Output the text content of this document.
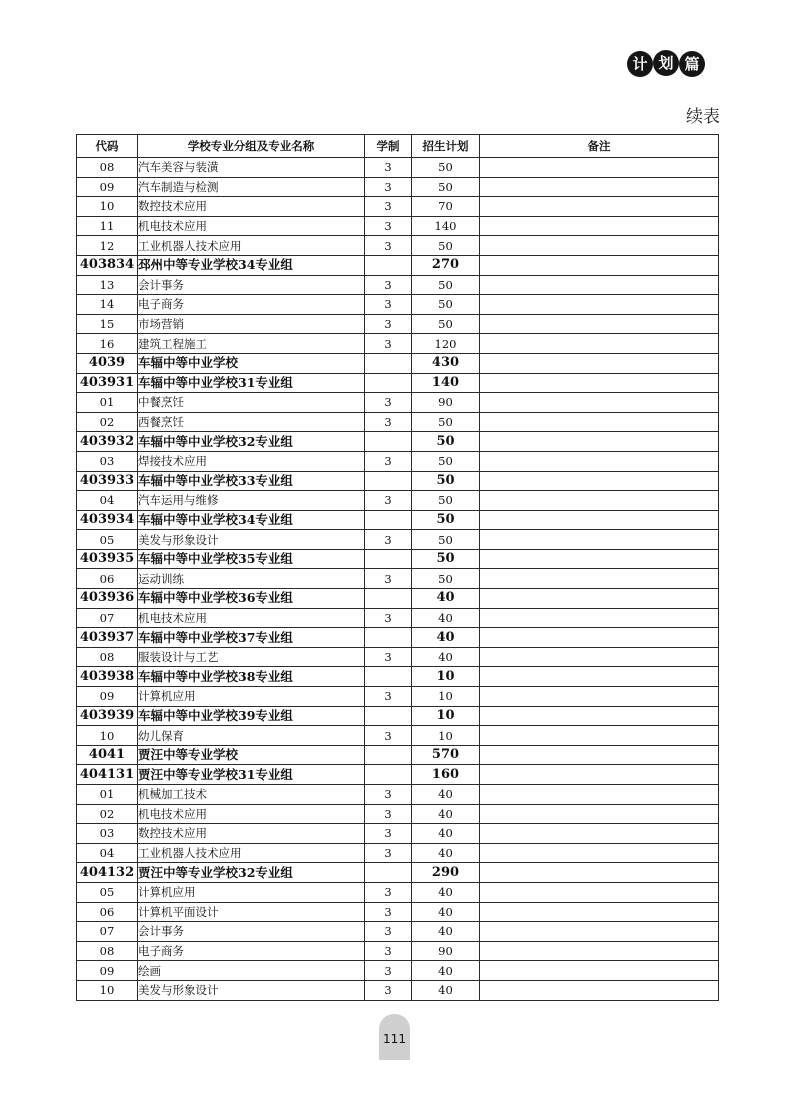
计 划 篇
续表
代码	学校专业分组及专业名称	学制	招生计划	备注
08	汽车美容与装潢	3	50	
09	汽车制造与检测	3	50	
10	数控技术应用	3	70	
11	机电技术应用	3	140	
12	工业机器人技术应用	3	50	
403834	邳州中等专业学校34专业组		270	
13	会计事务	3	50	
14	电子商务	3	50	
15	市场营销	3	50	
16	建筑工程施工	3	120	
4039	车辐中等中业学校		430	
403931	车辐中等中业学校31专业组		140	
01	中餐烹饪	3	90	
02	西餐烹饪	3	50	
403932	车辐中等中业学校32专业组		50	
03	焊接技术应用	3	50	
403933	车辐中等中业学校33专业组		50	
04	汽车运用与维修	3	50	
403934	车辐中等中业学校34专业组		50	
05	美发与形象设计	3	50	
403935	车辐中等中业学校35专业组		50	
06	运动训练	3	50	
403936	车辐中等中业学校36专业组		40	
07	机电技术应用	3	40	
403937	车辐中等中业学校37专业组		40	
08	服装设计与工艺	3	40	
403938	车辐中等中业学校38专业组		10	
09	计算机应用	3	10	
403939	车辐中等中业学校39专业组		10	
10	幼儿保育	3	10	
4041	贾汪中等专业学校		570	
404131	贾汪中等专业学校31专业组		160	
01	机械加工技术	3	40	
02	机电技术应用	3	40	
03	数控技术应用	3	40	
04	工业机器人技术应用	3	40	
404132	贾汪中等专业学校32专业组		290	
05	计算机应用	3	40	
06	计算机平面设计	3	40	
07	会计事务	3	40	
08	电子商务	3	90	
09	绘画	3	40	
10	美发与形象设计	3	40	
111
